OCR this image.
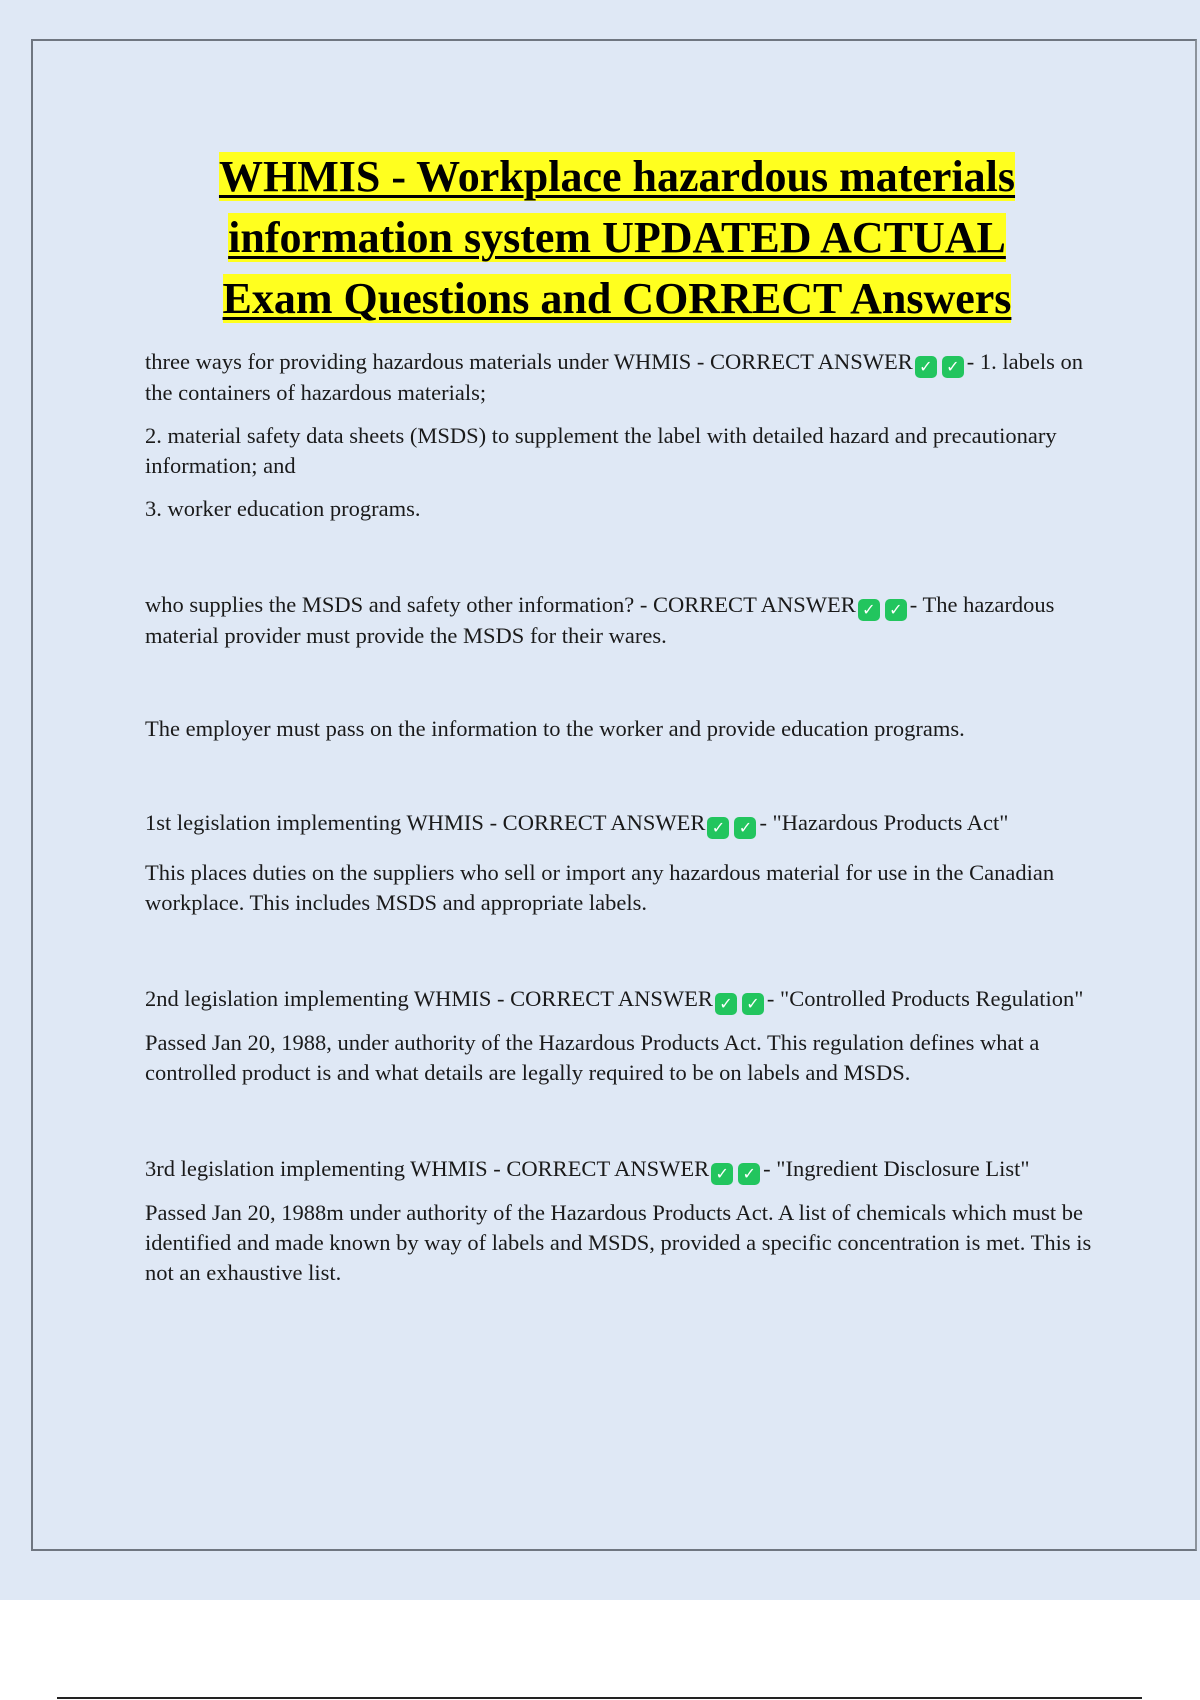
WHMIS - Workplace hazardous materials
information system UPDATED ACTUAL
Exam Questions and CORRECT Answers

three ways for providing hazardous materials under WHMIS - CORRECT ANSWER ✓ ✓ - 1. labels on the containers of hazardous materials;

2. material safety data sheets (MSDS) to supplement the label with detailed hazard and precautionary information; and

3. worker education programs.

who supplies the MSDS and safety other information? - CORRECT ANSWER ✓ ✓ - The hazardous material provider must provide the MSDS for their wares.

The employer must pass on the information to the worker and provide education programs.

1st legislation implementing WHMIS - CORRECT ANSWER ✓ ✓ - "Hazardous Products Act"

This places duties on the suppliers who sell or import any hazardous material for use in the Canadian workplace. This includes MSDS and appropriate labels.

2nd legislation implementing WHMIS - CORRECT ANSWER ✓ ✓ - "Controlled Products Regulation"

Passed Jan 20, 1988, under authority of the Hazardous Products Act. This regulation defines what a controlled product is and what details are legally required to be on labels and MSDS.

3rd legislation implementing WHMIS - CORRECT ANSWER ✓ ✓ - "Ingredient Disclosure List"

Passed Jan 20, 1988m under authority of the Hazardous Products Act. A list of chemicals which must be identified and made known by way of labels and MSDS, provided a specific concentration is met. This is not an exhaustive list.
